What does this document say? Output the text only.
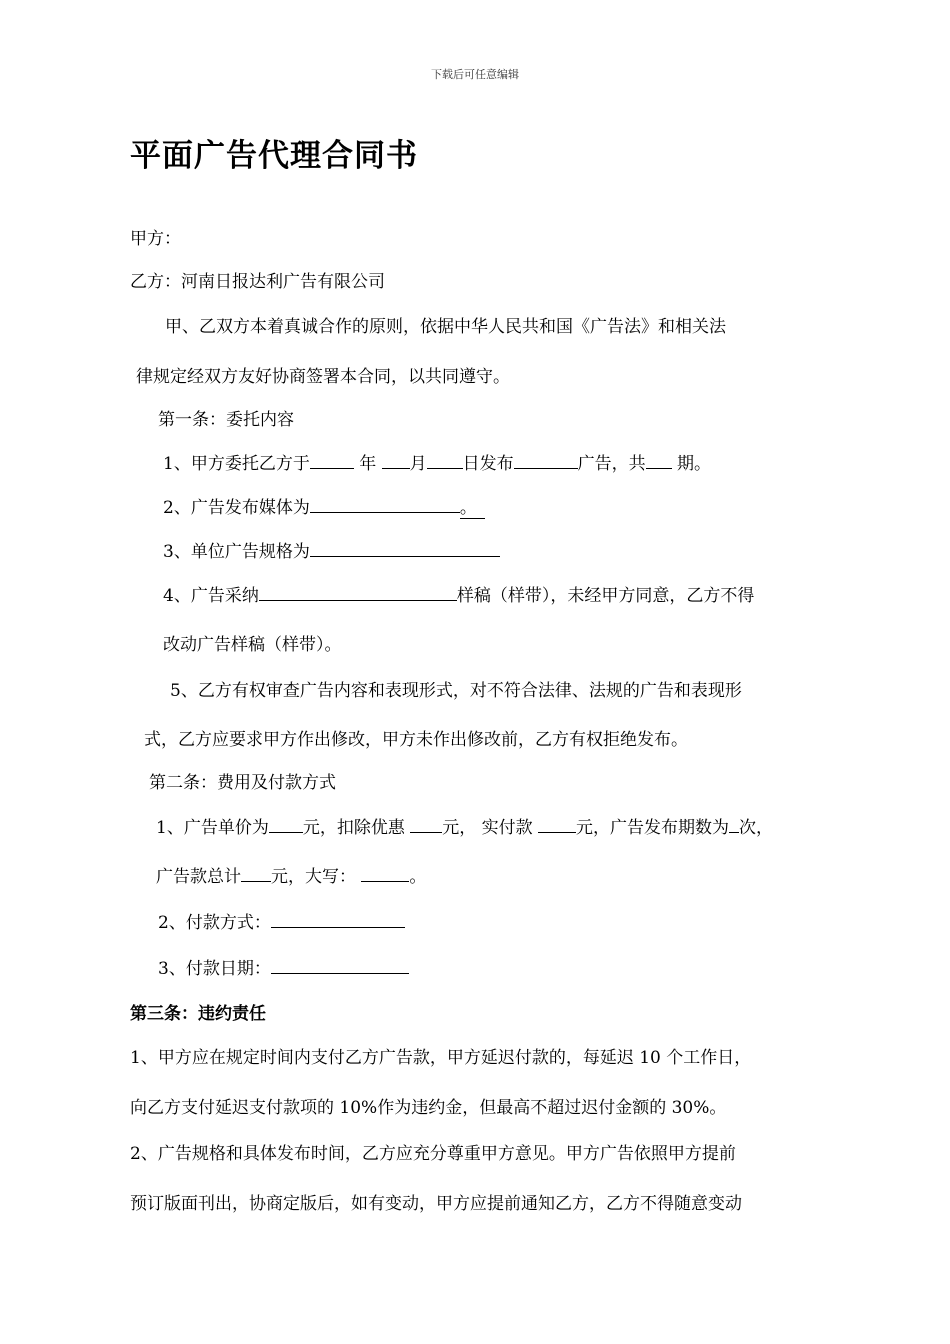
下载后可任意编辑
平面广告代理合同书
甲方：
乙方：河南日报达利广告有限公司
甲、乙双方本着真诚合作的原则，依据中华人民共和国《广告法》和相关法
律规定经双方友好协商签署本合同，以共同遵守。
第一条：委托内容
1、甲方委托乙方于	年 月 日发布	广告，共 期。
2、广告发布媒体为	。
3、单位广告规格为
4、广告采纳	样稿（样带），未经甲方同意，乙方不得
改动广告样稿（样带）。
5、乙方有权审查广告内容和表现形式，对不符合法律、法规的广告和表现形
式，乙方应要求甲方作出修改，甲方未作出修改前，乙方有权拒绝发布。
第二条：费用及付款方式
1、广告单价为 元，扣除优惠 元， 实付款	元，广告发布期数为 次，
广告款总计 元，大写：	。
2、付款方式：
3、付款日期：
第三条：违约责任
1、甲方应在规定时间内支付乙方广告款，甲方延迟付款的，每延迟 10 个工作日，
向乙方支付延迟支付款项的 10%作为违约金，但最高不超过迟付金额的 30%。
2、广告规格和具体发布时间，乙方应充分尊重甲方意见。甲方广告依照甲方提前
预订版面刊出，协商定版后，如有变动，甲方应提前通知乙方，乙方不得随意变动
